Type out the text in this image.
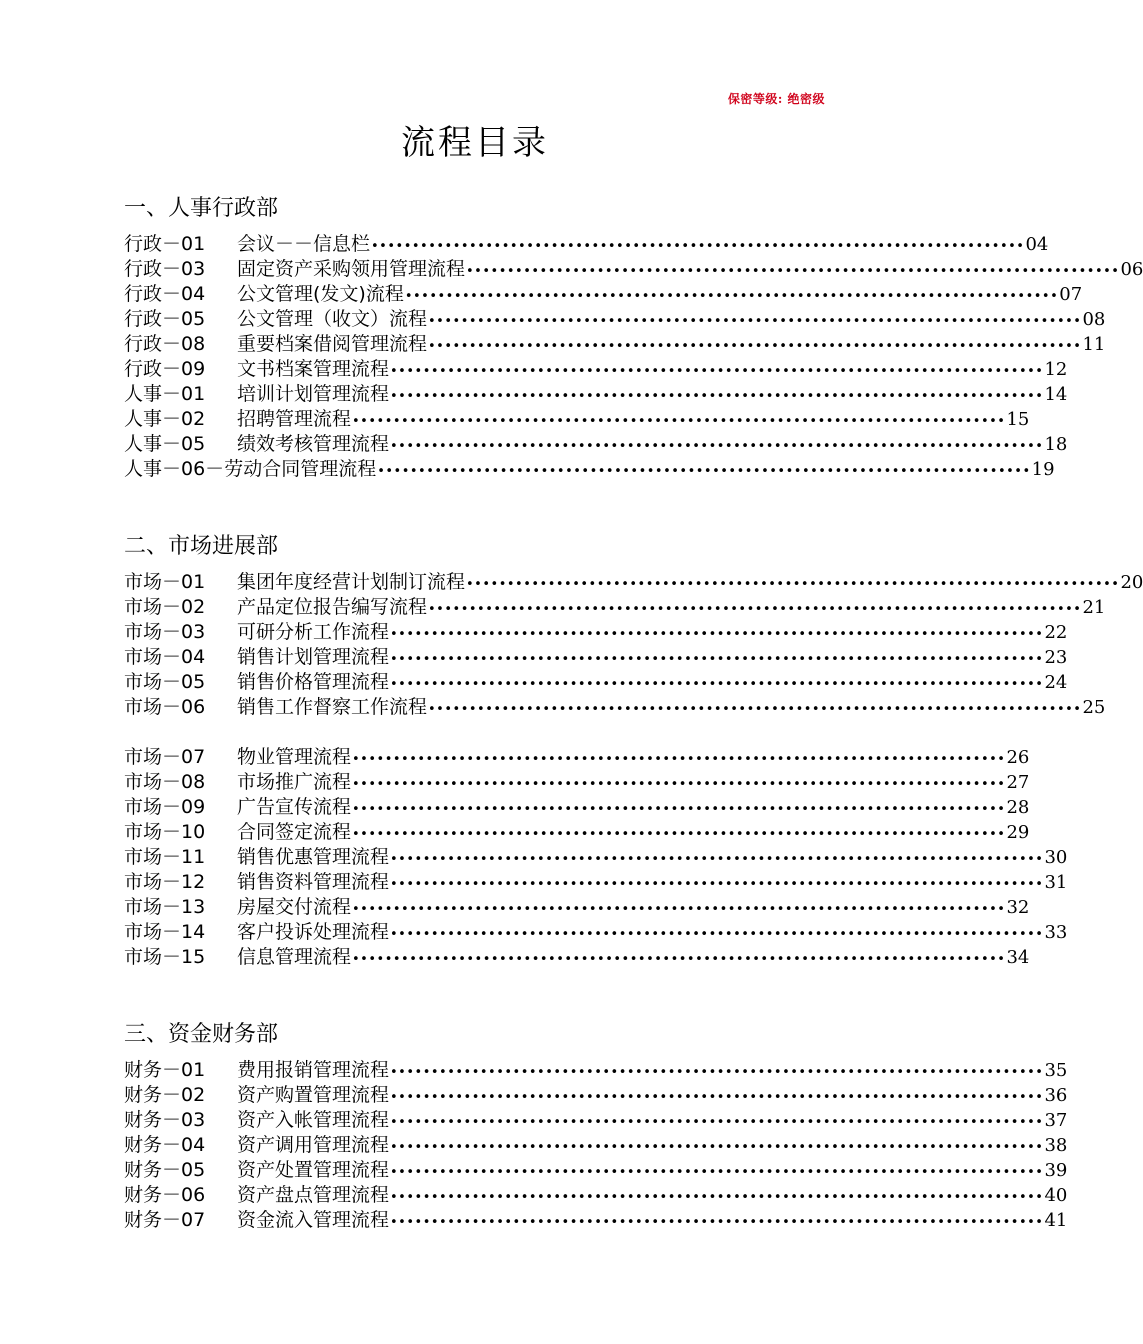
保密等级: 绝密级
流程目录
一、人事行政部
行政－01	会议－－信息栏 •••••••••••••••••••••••••••••••••••••••••••••••••••••••••••••••••••••••••••••••• 04
行政－03	固定资产采购领用管理流程 •••••••••••••••••••••••••••••••••••••••••••••••••••••••••••••••••••••••••••••••• 06
行政－04	公文管理(发文)流程 •••••••••••••••••••••••••••••••••••••••••••••••••••••••••••••••••••••••••••••••• 07
行政－05	公文管理（收文）流程 •••••••••••••••••••••••••••••••••••••••••••••••••••••••••••••••••••••••••••••••• 08
行政－08	重要档案借阅管理流程 •••••••••••••••••••••••••••••••••••••••••••••••••••••••••••••••••••••••••••••••• 11
行政－09	文书档案管理流程 •••••••••••••••••••••••••••••••••••••••••••••••••••••••••••••••••••••••••••••••• 12
人事－01	培训计划管理流程 •••••••••••••••••••••••••••••••••••••••••••••••••••••••••••••••••••••••••••••••• 14
人事－02	招聘管理流程 •••••••••••••••••••••••••••••••••••••••••••••••••••••••••••••••••••••••••••••••• 15
人事－05	绩效考核管理流程 •••••••••••••••••••••••••••••••••••••••••••••••••••••••••••••••••••••••••••••••• 18
人事－06－ 劳动合同管理流程 •••••••••••••••••••••••••••••••••••••••••••••••••••••••••••••••••••••••••••••••• 19
二、市场进展部
市场－01	集团年度经营计划制订流程 •••••••••••••••••••••••••••••••••••••••••••••••••••••••••••••••••••••••••••••••• 20
市场－02	产品定位报告编写流程 •••••••••••••••••••••••••••••••••••••••••••••••••••••••••••••••••••••••••••••••• 21
市场－03	可研分析工作流程 •••••••••••••••••••••••••••••••••••••••••••••••••••••••••••••••••••••••••••••••• 22
市场－04	销售计划管理流程 •••••••••••••••••••••••••••••••••••••••••••••••••••••••••••••••••••••••••••••••• 23
市场－05	销售价格管理流程 •••••••••••••••••••••••••••••••••••••••••••••••••••••••••••••••••••••••••••••••• 24
市场－06	销售工作督察工作流程 •••••••••••••••••••••••••••••••••••••••••••••••••••••••••••••••••••••••••••••••• 25
市场－07	物业管理流程 •••••••••••••••••••••••••••••••••••••••••••••••••••••••••••••••••••••••••••••••• 26
市场－08	市场推广流程 •••••••••••••••••••••••••••••••••••••••••••••••••••••••••••••••••••••••••••••••• 27
市场－09	广告宣传流程 •••••••••••••••••••••••••••••••••••••••••••••••••••••••••••••••••••••••••••••••• 28
市场－10	合同签定流程 •••••••••••••••••••••••••••••••••••••••••••••••••••••••••••••••••••••••••••••••• 29
市场－11	销售优惠管理流程 •••••••••••••••••••••••••••••••••••••••••••••••••••••••••••••••••••••••••••••••• 30
市场－12	销售资料管理流程 •••••••••••••••••••••••••••••••••••••••••••••••••••••••••••••••••••••••••••••••• 31
市场－13	房屋交付流程 •••••••••••••••••••••••••••••••••••••••••••••••••••••••••••••••••••••••••••••••• 32
市场－14	客户投诉处理流程 •••••••••••••••••••••••••••••••••••••••••••••••••••••••••••••••••••••••••••••••• 33
市场－15	信息管理流程 •••••••••••••••••••••••••••••••••••••••••••••••••••••••••••••••••••••••••••••••• 34
三、资金财务部
财务－01	费用报销管理流程 •••••••••••••••••••••••••••••••••••••••••••••••••••••••••••••••••••••••••••••••• 35
财务－02	资产购置管理流程 •••••••••••••••••••••••••••••••••••••••••••••••••••••••••••••••••••••••••••••••• 36
财务－03	资产入帐管理流程 •••••••••••••••••••••••••••••••••••••••••••••••••••••••••••••••••••••••••••••••• 37
财务－04	资产调用管理流程 •••••••••••••••••••••••••••••••••••••••••••••••••••••••••••••••••••••••••••••••• 38
财务－05	资产处置管理流程 •••••••••••••••••••••••••••••••••••••••••••••••••••••••••••••••••••••••••••••••• 39
财务－06	资产盘点管理流程 •••••••••••••••••••••••••••••••••••••••••••••••••••••••••••••••••••••••••••••••• 40
财务－07	资金流入管理流程 •••••••••••••••••••••••••••••••••••••••••••••••••••••••••••••••••••••••••••••••• 41
